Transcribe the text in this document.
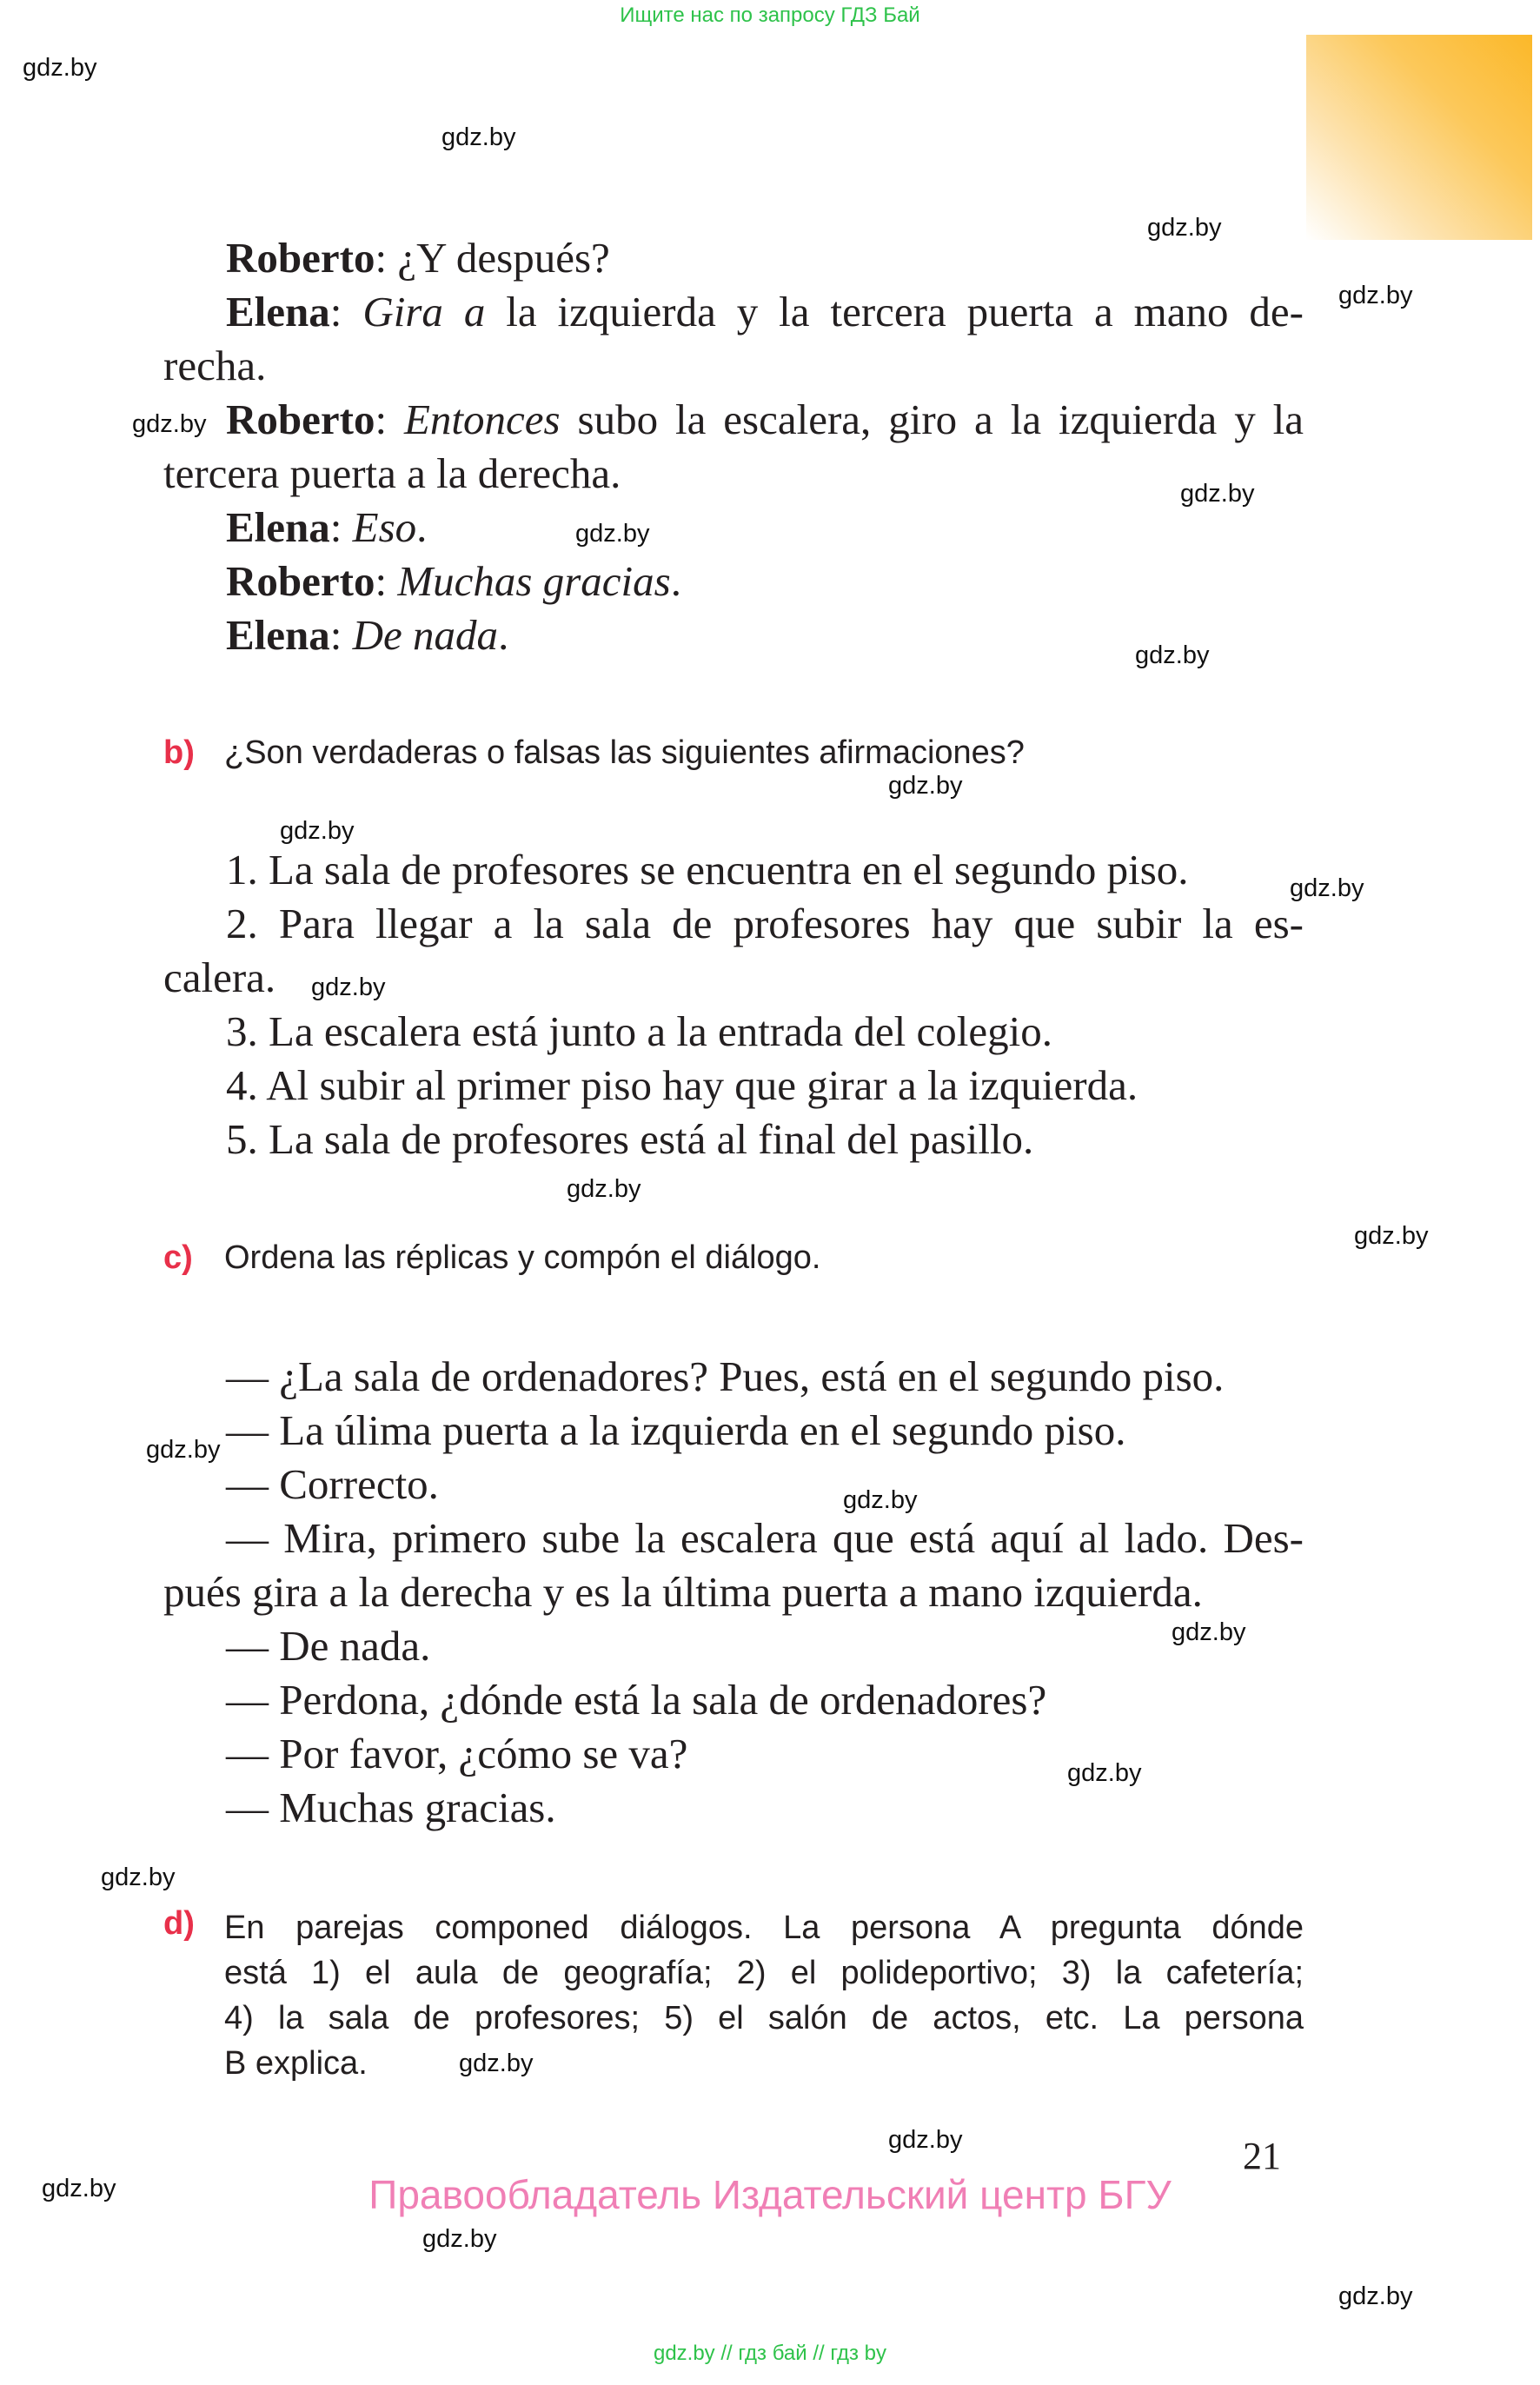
Ищите нас по запросу ГДЗ Бай
Roberto: ¿Y después?
Elena: Gira a la izquierda y la tercera puerta a mano de-
recha.
Roberto: Entonces subo la escalera, giro a la izquierda y la
tercera puerta a la derecha.
Elena: Eso.
Roberto: Muchas gracias.
Elena: De nada.
b) ¿Son verdaderas o falsas las siguientes afirmaciones?
1. La sala de profesores se encuentra en el segundo piso.
2. Para llegar a la sala de profesores hay que subir la es-
calera.
3. La escalera está junto a la entrada del colegio.
4. Al subir al primer piso hay que girar a la izquierda.
5. La sala de profesores está al final del pasillo.
c) Ordena las réplicas y compón el diálogo.
— ¿La sala de ordenadores? Pues, está en el segundo piso.
— La úlima puerta a la izquierda en el segundo piso.
— Correcto.
— Mira, primero sube la escalera que está aquí al lado. Des-
pués gira a la derecha y es la última puerta a mano izquierda.
— De nada.
— Perdona, ¿dónde está la sala de ordenadores?
— Por favor, ¿cómo se va?
— Muchas gracias.
d) En parejas componed diálogos. La persona A pregunta dónde
está 1) el aula de geografía; 2) el polideportivo; 3) la cafetería;
4) la sala de profesores; 5) el salón de actos, etc. La persona
B explica.
21
Правообладатель Издательский центр БГУ
gdz.by // гдз бай // гдз by
gdz.by
gdz.by
gdz.by
gdz.by
gdz.by
gdz.by
gdz.by
gdz.by
gdz.by
gdz.by
gdz.by
gdz.by
gdz.by
gdz.by
gdz.by
gdz.by
gdz.by
gdz.by
gdz.by
gdz.by
gdz.by
gdz.by
gdz.by
gdz.by
